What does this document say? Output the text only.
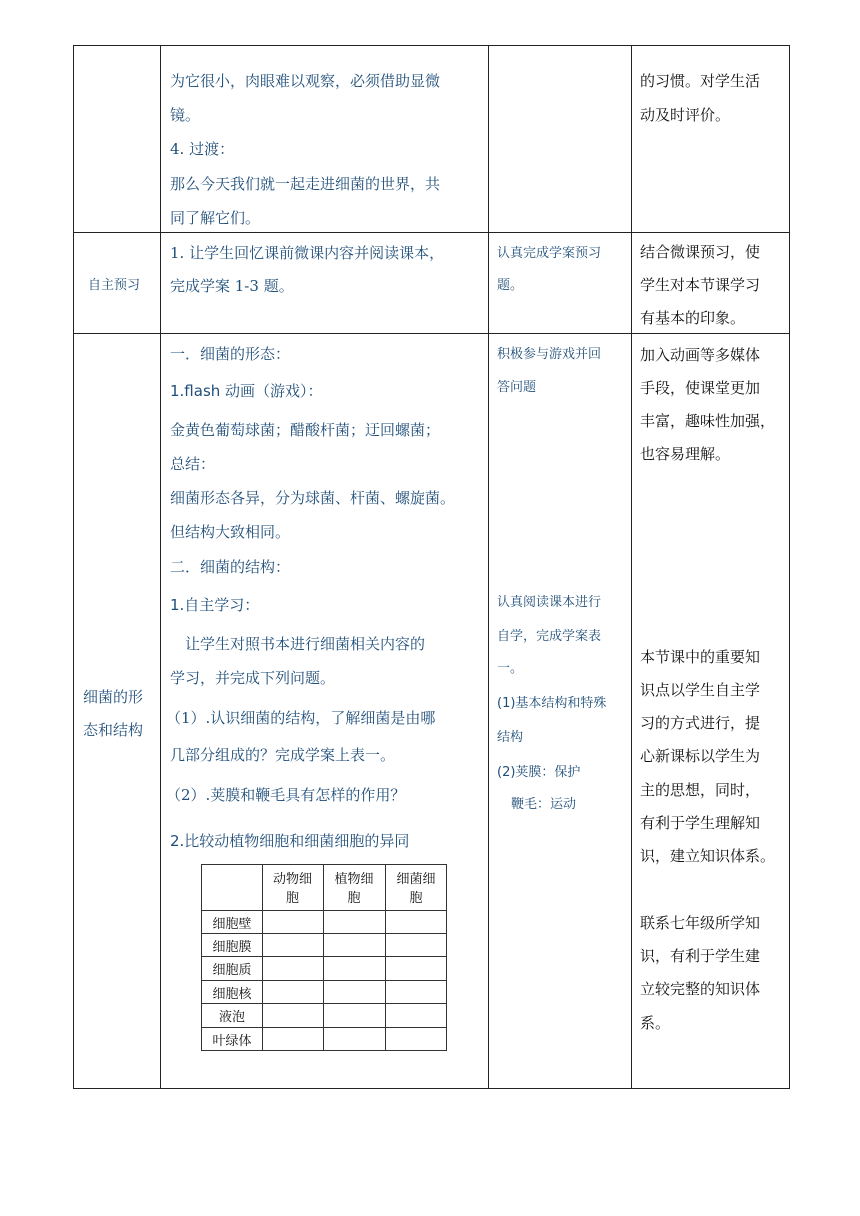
为它很小，肉眼难以观察，必须借助显微
镜。
4. 过渡：
那么今天我们就一起走进细菌的世界，共
同了解它们。
的习惯。对学生活
动及时评价。
自主预习
1. 让学生回忆课前微课内容并阅读课本，
完成学案 1-3 题。
认真完成学案预习
题。
结合微课预习，使
学生对本节课学习
有基本的印象。
细菌的形
态和结构
一．细菌的形态：
1.flash 动画（游戏）：
金黄色葡萄球菌；醋酸杆菌；迂回螺菌；
总结：
细菌形态各异，分为球菌、杆菌、螺旋菌。
但结构大致相同。
二．细菌的结构：
1.自主学习：
让学生对照书本进行细菌相关内容的
学习，并完成下列问题。
（1）.认识细菌的结构，了解细菌是由哪
几部分组成的？完成学案上表一。
（2）.荚膜和鞭毛具有怎样的作用？
2.比较动植物细胞和细菌细胞的异同
积极参与游戏并回
答问题
认真阅读课本进行
自学，完成学案表
一。
(1)基本结构和特殊
结构
(2)荚膜：保护
鞭毛：运动
加入动画等多媒体
手段，使课堂更加
丰富，趣味性加强，
也容易理解。
本节课中的重要知
识点以学生自主学
习的方式进行，提
心新课标以学生为
主的思想，同时，
有利于学生理解知
识，建立知识体系。
联系七年级所学知
识，有利于学生建
立较完整的知识体
系。
动物细
胞
植物细
胞
细菌细
胞
细胞壁
细胞膜
细胞质
细胞核
液泡
叶绿体
